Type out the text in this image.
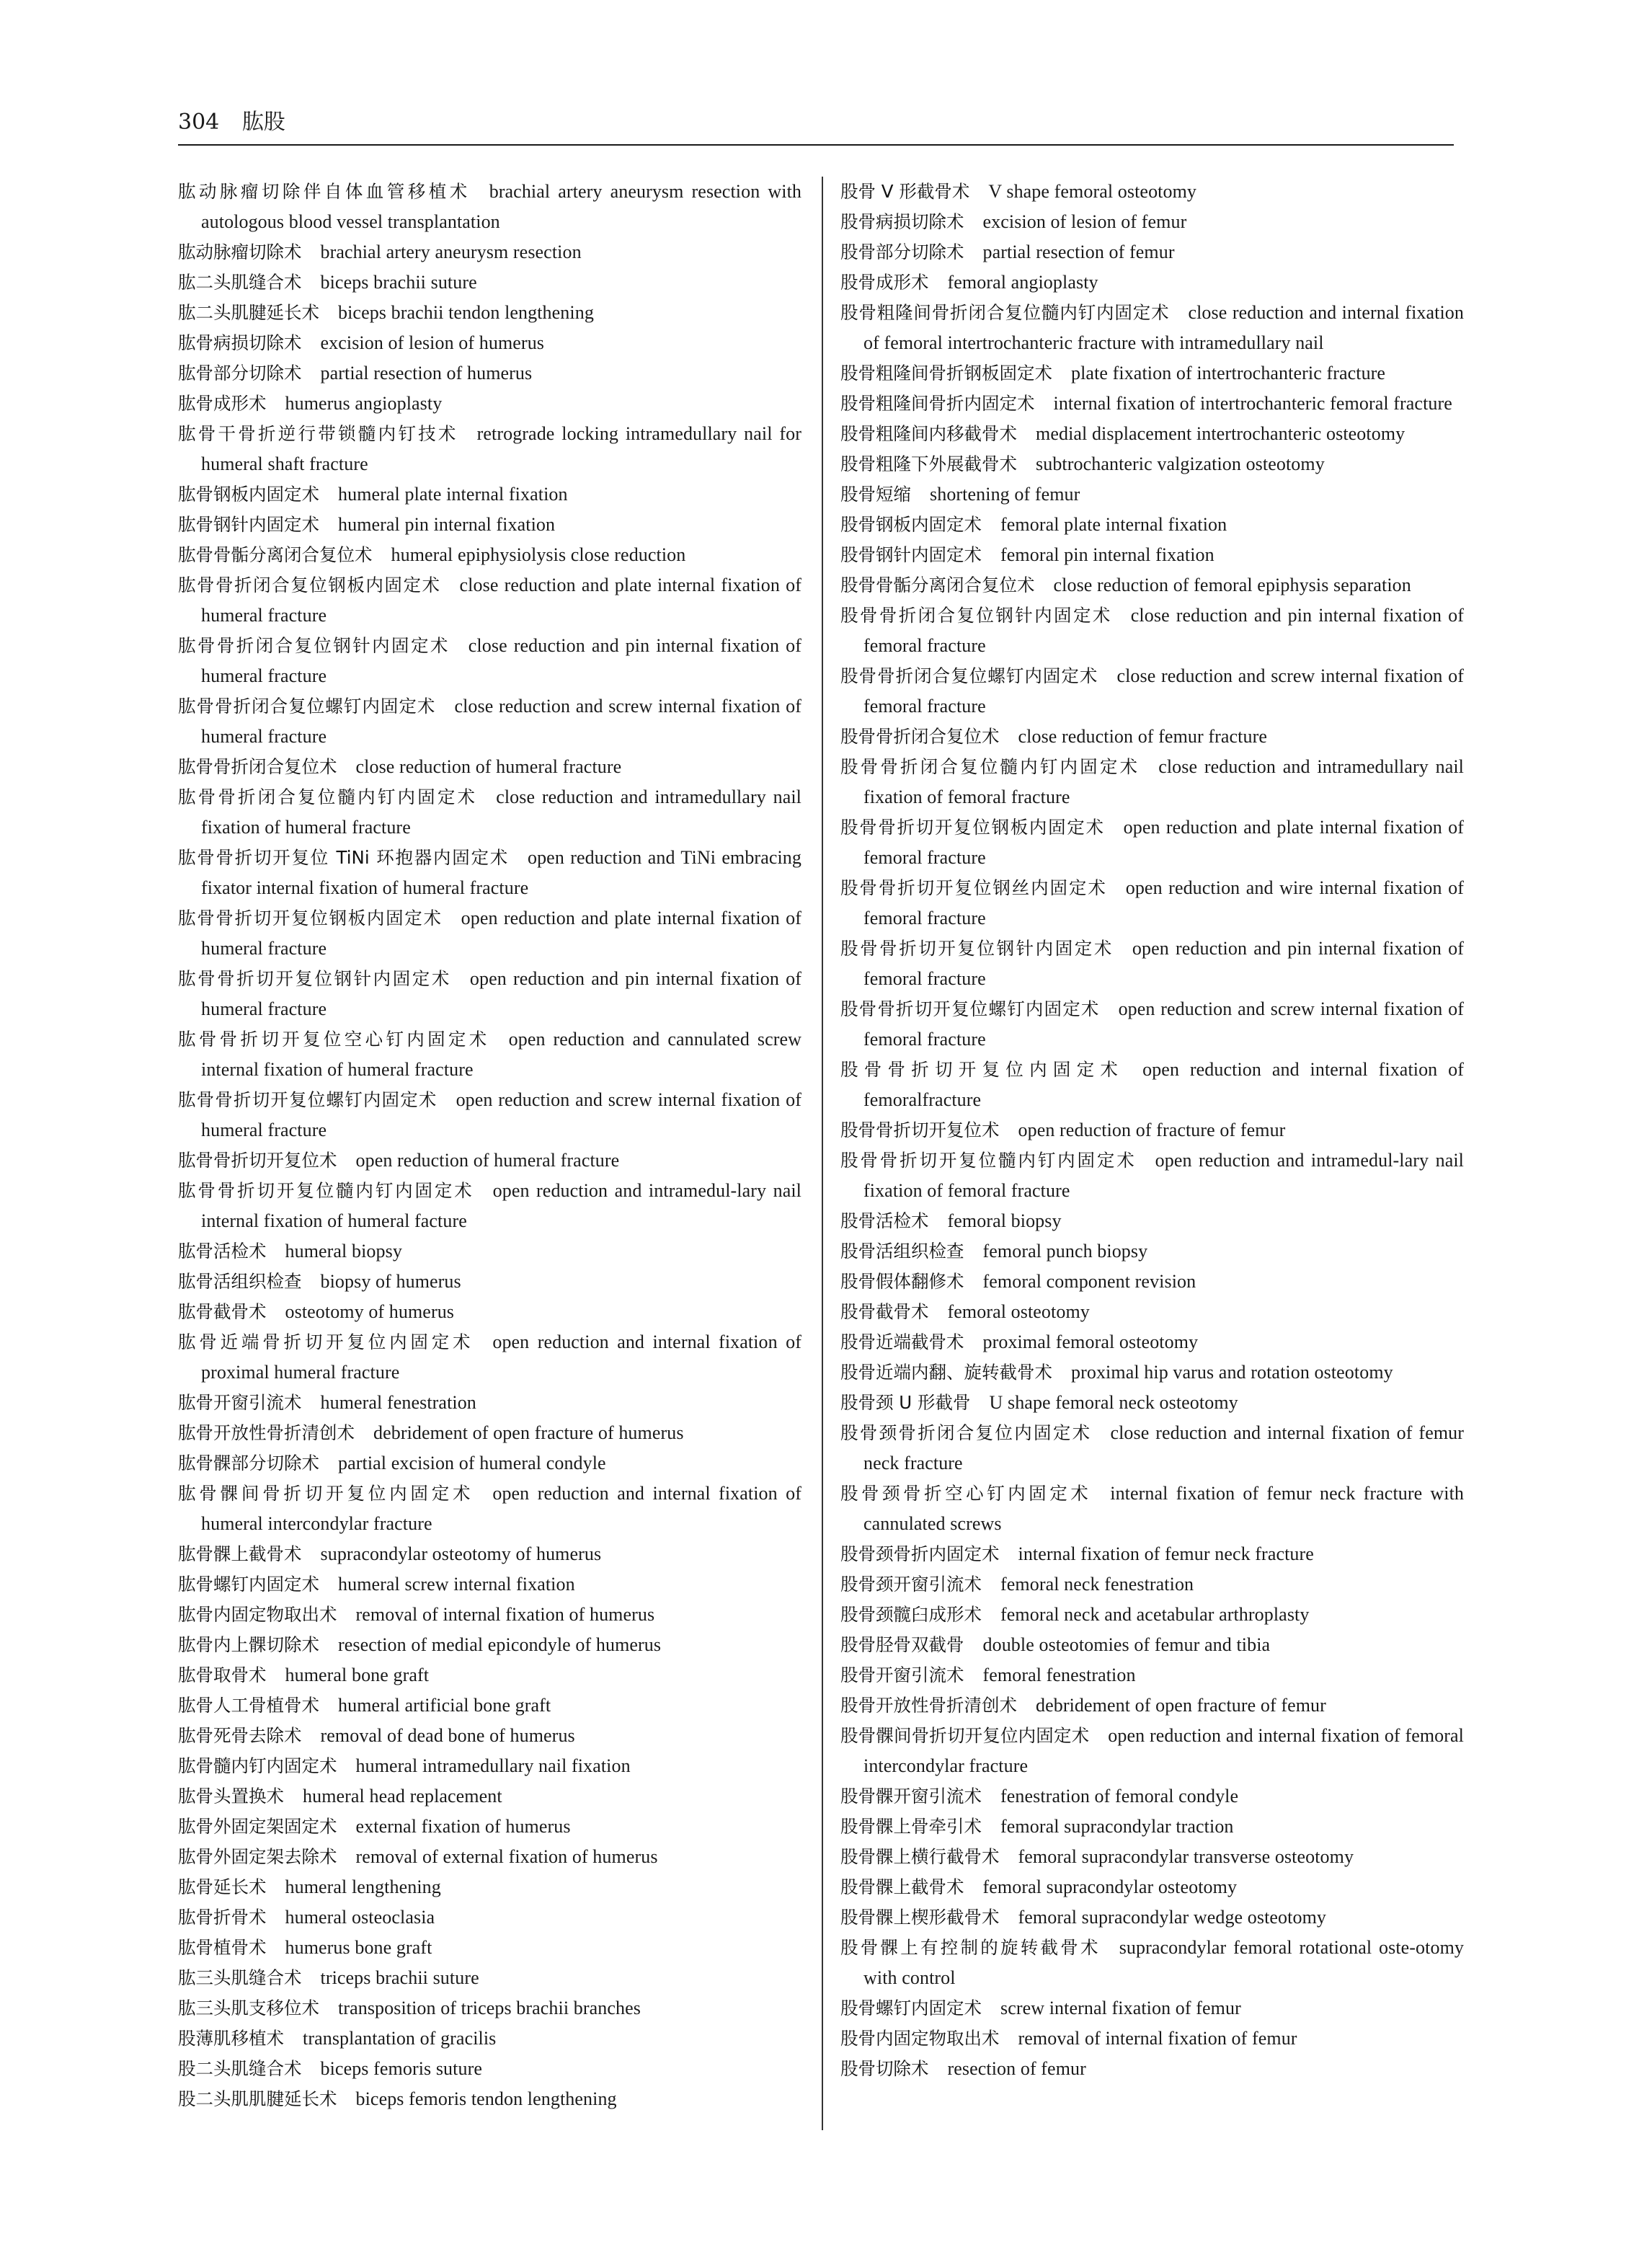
304 肱股
肱动脉瘤切除伴自体血管移植术 brachial artery aneurysm resection with autologous blood vessel transplantation
肱动脉瘤切除术 brachial artery aneurysm resection
肱二头肌缝合术 biceps brachii suture
肱二头肌腱延长术 biceps brachii tendon lengthening
肱骨病损切除术 excision of lesion of humerus
肱骨部分切除术 partial resection of humerus
肱骨成形术 humerus angioplasty
肱骨干骨折逆行带锁髓内钉技术 retrograde locking intramedullary nail for humeral shaft fracture
肱骨钢板内固定术 humeral plate internal fixation
肱骨钢针内固定术 humeral pin internal fixation
肱骨骨骺分离闭合复位术 humeral epiphysiolysis close reduction
肱骨骨折闭合复位钢板内固定术 close reduction and plate internal fixation of humeral fracture
肱骨骨折闭合复位钢针内固定术 close reduction and pin internal fixation of humeral fracture
肱骨骨折闭合复位螺钉内固定术 close reduction and screw internal fixation of humeral fracture
肱骨骨折闭合复位术 close reduction of humeral fracture
肱骨骨折闭合复位髓内钉内固定术 close reduction and intramedullary nail fixation of humeral fracture
肱骨骨折切开复位 TiNi 环抱器内固定术 open reduction and TiNi embracing fixator internal fixation of humeral fracture
肱骨骨折切开复位钢板内固定术 open reduction and plate internal fixation of humeral fracture
肱骨骨折切开复位钢针内固定术 open reduction and pin internal fixation of humeral fracture
肱骨骨折切开复位空心钉内固定术 open reduction and cannulated screw internal fixation of humeral fracture
肱骨骨折切开复位螺钉内固定术 open reduction and screw internal fixation of humeral fracture
肱骨骨折切开复位术 open reduction of humeral fracture
肱骨骨折切开复位髓内钉内固定术 open reduction and intramedul-lary nail internal fixation of humeral facture
肱骨活检术 humeral biopsy
肱骨活组织检查 biopsy of humerus
肱骨截骨术 osteotomy of humerus
肱骨近端骨折切开复位内固定术 open reduction and internal fixation of proximal humeral fracture
肱骨开窗引流术 humeral fenestration
肱骨开放性骨折清创术 debridement of open fracture of humerus
肱骨髁部分切除术 partial excision of humeral condyle
肱骨髁间骨折切开复位内固定术 open reduction and internal fixation of humeral intercondylar fracture
肱骨髁上截骨术 supracondylar osteotomy of humerus
肱骨螺钉内固定术 humeral screw internal fixation
肱骨内固定物取出术 removal of internal fixation of humerus
肱骨内上髁切除术 resection of medial epicondyle of humerus
肱骨取骨术 humeral bone graft
肱骨人工骨植骨术 humeral artificial bone graft
肱骨死骨去除术 removal of dead bone of humerus
肱骨髓内钉内固定术 humeral intramedullary nail fixation
肱骨头置换术 humeral head replacement
肱骨外固定架固定术 external fixation of humerus
肱骨外固定架去除术 removal of external fixation of humerus
肱骨延长术 humeral lengthening
肱骨折骨术 humeral osteoclasia
肱骨植骨术 humerus bone graft
肱三头肌缝合术 triceps brachii suture
肱三头肌支移位术 transposition of triceps brachii branches
股薄肌移植术 transplantation of gracilis
股二头肌缝合术 biceps femoris suture
股二头肌肌腱延长术 biceps femoris tendon lengthening
股骨 V 形截骨术 V shape femoral osteotomy
股骨病损切除术 excision of lesion of femur
股骨部分切除术 partial resection of femur
股骨成形术 femoral angioplasty
股骨粗隆间骨折闭合复位髓内钉内固定术 close reduction and internal fixation of femoral intertrochanteric fracture with intramedullary nail
股骨粗隆间骨折钢板固定术 plate fixation of intertrochanteric fracture
股骨粗隆间骨折内固定术 internal fixation of intertrochanteric femoral fracture
股骨粗隆间内移截骨术 medial displacement intertrochanteric osteotomy
股骨粗隆下外展截骨术 subtrochanteric valgization osteotomy
股骨短缩 shortening of femur
股骨钢板内固定术 femoral plate internal fixation
股骨钢针内固定术 femoral pin internal fixation
股骨骨骺分离闭合复位术 close reduction of femoral epiphysis separation
股骨骨折闭合复位钢针内固定术 close reduction and pin internal fixation of femoral fracture
股骨骨折闭合复位螺钉内固定术 close reduction and screw internal fixation of femoral fracture
股骨骨折闭合复位术 close reduction of femur fracture
股骨骨折闭合复位髓内钉内固定术 close reduction and intramedullary nail fixation of femoral fracture
股骨骨折切开复位钢板内固定术 open reduction and plate internal fixation of femoral fracture
股骨骨折切开复位钢丝内固定术 open reduction and wire internal fixation of femoral fracture
股骨骨折切开复位钢针内固定术 open reduction and pin internal fixation of femoral fracture
股骨骨折切开复位螺钉内固定术 open reduction and screw internal fixation of femoral fracture
股骨骨折切开复位内固定术 open reduction and internal fixation of femoralfracture
股骨骨折切开复位术 open reduction of fracture of femur
股骨骨折切开复位髓内钉内固定术 open reduction and intramedul-lary nail fixation of femoral fracture
股骨活检术 femoral biopsy
股骨活组织检查 femoral punch biopsy
股骨假体翻修术 femoral component revision
股骨截骨术 femoral osteotomy
股骨近端截骨术 proximal femoral osteotomy
股骨近端内翻、旋转截骨术 proximal hip varus and rotation osteotomy
股骨颈 U 形截骨 U shape femoral neck osteotomy
股骨颈骨折闭合复位内固定术 close reduction and internal fixation of femur neck fracture
股骨颈骨折空心钉内固定术 internal fixation of femur neck fracture with cannulated screws
股骨颈骨折内固定术 internal fixation of femur neck fracture
股骨颈开窗引流术 femoral neck fenestration
股骨颈髋臼成形术 femoral neck and acetabular arthroplasty
股骨胫骨双截骨 double osteotomies of femur and tibia
股骨开窗引流术 femoral fenestration
股骨开放性骨折清创术 debridement of open fracture of femur
股骨髁间骨折切开复位内固定术 open reduction and internal fixation of femoral intercondylar fracture
股骨髁开窗引流术 fenestration of femoral condyle
股骨髁上骨牵引术 femoral supracondylar traction
股骨髁上横行截骨术 femoral supracondylar transverse osteotomy
股骨髁上截骨术 femoral supracondylar osteotomy
股骨髁上楔形截骨术 femoral supracondylar wedge osteotomy
股骨髁上有控制的旋转截骨术 supracondylar femoral rotational oste-otomy with control
股骨螺钉内固定术 screw internal fixation of femur
股骨内固定物取出术 removal of internal fixation of femur
股骨切除术 resection of femur
